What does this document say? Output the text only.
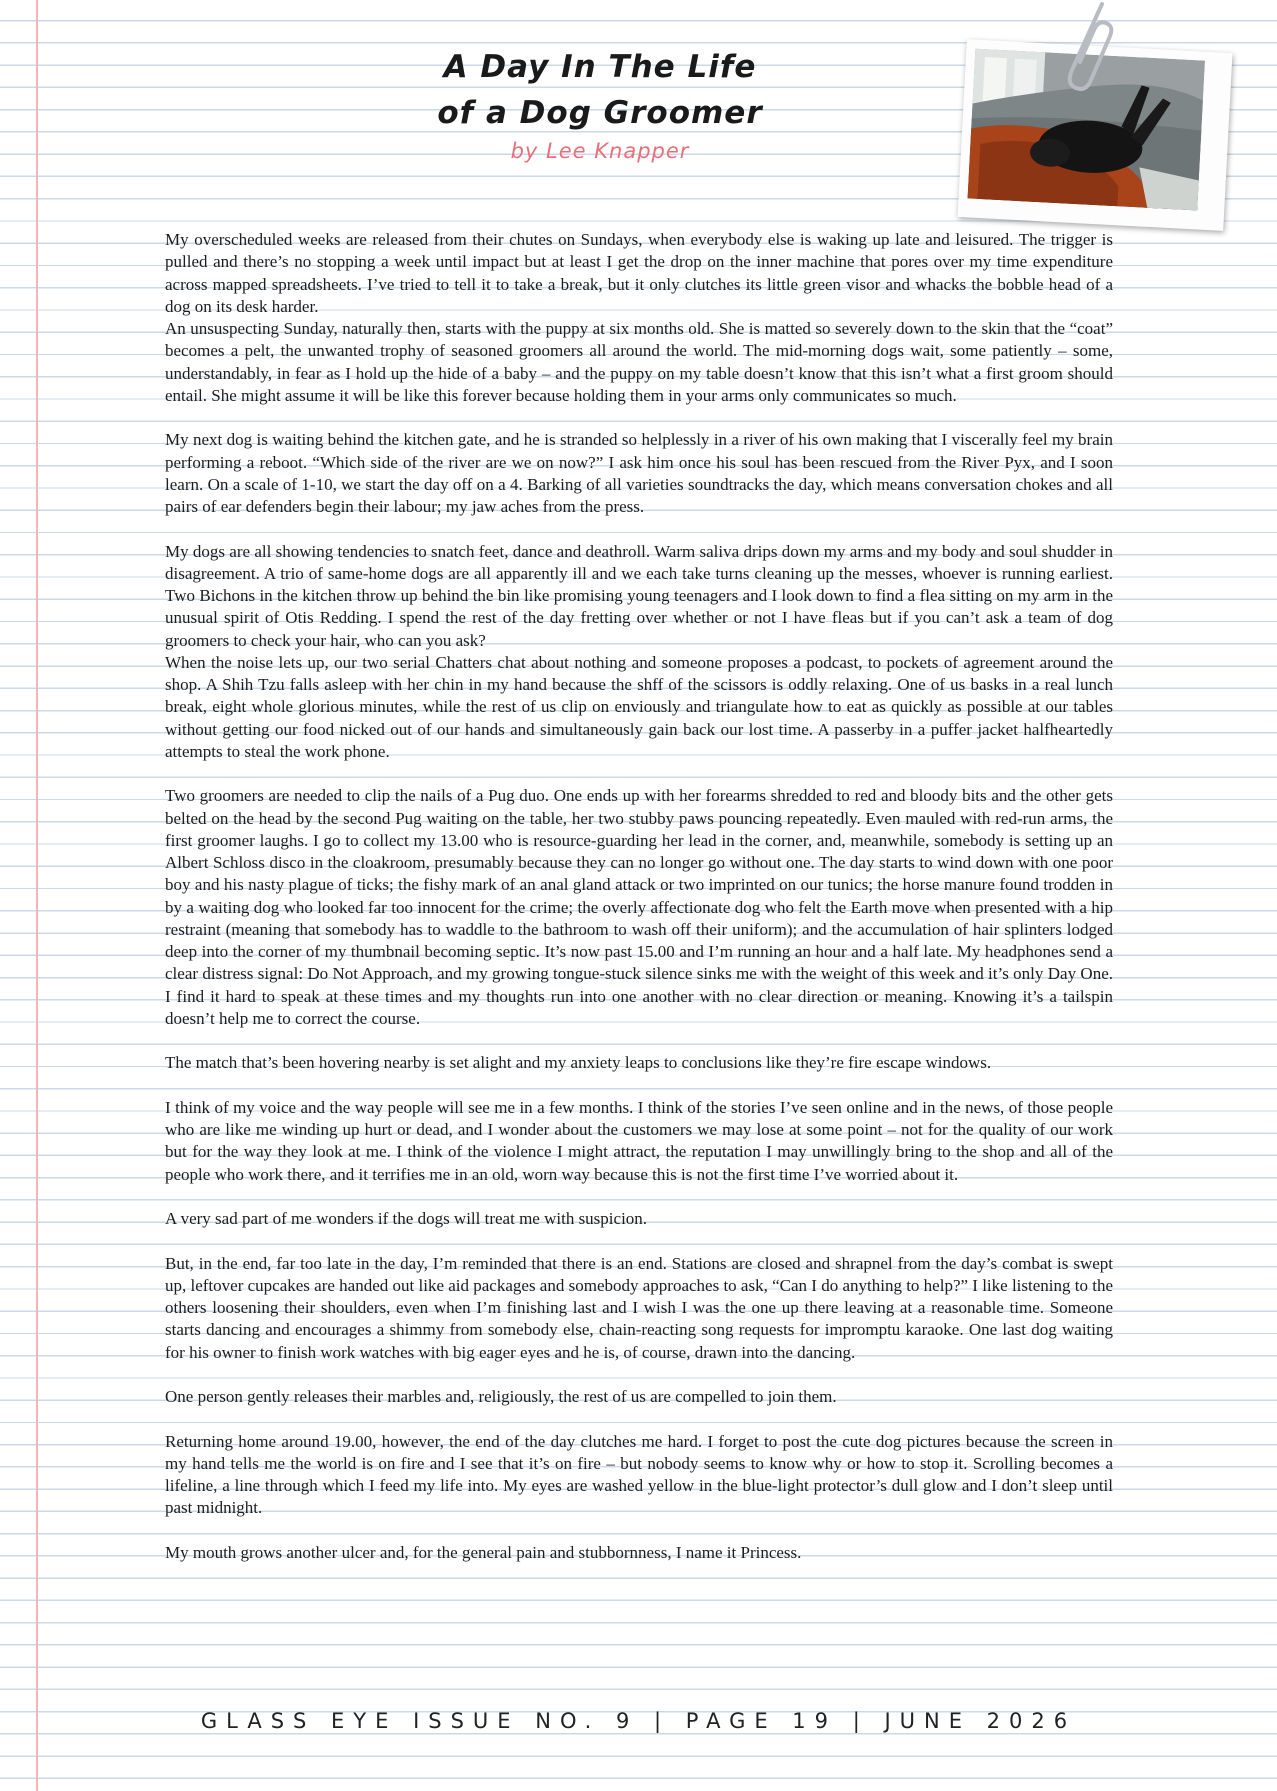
A Day In The Life
of a Dog Groomer
by Lee Knapper

My overscheduled weeks are released from their chutes on Sundays, when everybody else is waking up late and leisured. The trigger is pulled and there’s no stopping a week until impact but at least I get the drop on the inner machine that pores over my time expenditure across mapped spreadsheets. I’ve tried to tell it to take a break, but it only clutches its little green visor and whacks the bobble head of a dog on its desk harder.

An unsuspecting Sunday, naturally then, starts with the puppy at six months old. She is matted so severely down to the skin that the “coat” becomes a pelt, the unwanted trophy of seasoned groomers all around the world. The mid-morning dogs wait, some patiently – some, understandably, in fear as I hold up the hide of a baby – and the puppy on my table doesn’t know that this isn’t what a first groom should entail. She might assume it will be like this forever because holding them in your arms only communicates so much.

My next dog is waiting behind the kitchen gate, and he is stranded so helplessly in a river of his own making that I viscerally feel my brain performing a reboot. “Which side of the river are we on now?” I ask him once his soul has been rescued from the River Pyx, and I soon learn. On a scale of 1-10, we start the day off on a 4. Barking of all varieties soundtracks the day, which means conversation chokes and all pairs of ear defenders begin their labour; my jaw aches from the press.

My dogs are all showing tendencies to snatch feet, dance and deathroll. Warm saliva drips down my arms and my body and soul shudder in disagreement. A trio of same-home dogs are all apparently ill and we each take turns cleaning up the messes, whoever is running earliest. Two Bichons in the kitchen throw up behind the bin like promising young teenagers and I look down to find a flea sitting on my arm in the unusual spirit of Otis Redding. I spend the rest of the day fretting over whether or not I have fleas but if you can’t ask a team of dog groomers to check your hair, who can you ask?

When the noise lets up, our two serial Chatters chat about nothing and someone proposes a podcast, to pockets of agreement around the shop. A Shih Tzu falls asleep with her chin in my hand because the shff of the scissors is oddly relaxing. One of us basks in a real lunch break, eight whole glorious minutes, while the rest of us clip on enviously and triangulate how to eat as quickly as possible at our tables without getting our food nicked out of our hands and simultaneously gain back our lost time. A passerby in a puffer jacket halfheartedly attempts to steal the work phone.

Two groomers are needed to clip the nails of a Pug duo. One ends up with her forearms shredded to red and bloody bits and the other gets belted on the head by the second Pug waiting on the table, her two stubby paws pouncing repeatedly. Even mauled with red-run arms, the first groomer laughs. I go to collect my 13.00 who is resource-guarding her lead in the corner, and, meanwhile, somebody is setting up an Albert Schloss disco in the cloakroom, presumably because they can no longer go without one. The day starts to wind down with one poor boy and his nasty plague of ticks; the fishy mark of an anal gland attack or two imprinted on our tunics; the horse manure found trodden in by a waiting dog who looked far too innocent for the crime; the overly affectionate dog who felt the Earth move when presented with a hip restraint (meaning that somebody has to waddle to the bathroom to wash off their uniform); and the accumulation of hair splinters lodged deep into the corner of my thumbnail becoming septic. It’s now past 15.00 and I’m running an hour and a half late. My headphones send a clear distress signal: Do Not Approach, and my growing tongue-stuck silence sinks me with the weight of this week and it’s only Day One. I find it hard to speak at these times and my thoughts run into one another with no clear direction or meaning. Knowing it’s a tailspin doesn’t help me to correct the course.

The match that’s been hovering nearby is set alight and my anxiety leaps to conclusions like they’re fire escape windows.

I think of my voice and the way people will see me in a few months. I think of the stories I’ve seen online and in the news, of those people who are like me winding up hurt or dead, and I wonder about the customers we may lose at some point – not for the quality of our work but for the way they look at me. I think of the violence I might attract, the reputation I may unwillingly bring to the shop and all of the people who work there, and it terrifies me in an old, worn way because this is not the first time I’ve worried about it.

A very sad part of me wonders if the dogs will treat me with suspicion.

But, in the end, far too late in the day, I’m reminded that there is an end. Stations are closed and shrapnel from the day’s combat is swept up, leftover cupcakes are handed out like aid packages and somebody approaches to ask, “Can I do anything to help?” I like listening to the others loosening their shoulders, even when I’m finishing last and I wish I was the one up there leaving at a reasonable time. Someone starts dancing and encourages a shimmy from somebody else, chain-reacting song requests for impromptu karaoke. One last dog waiting for his owner to finish work watches with big eager eyes and he is, of course, drawn into the dancing.

One person gently releases their marbles and, religiously, the rest of us are compelled to join them.

Returning home around 19.00, however, the end of the day clutches me hard. I forget to post the cute dog pictures because the screen in my hand tells me the world is on fire and I see that it’s on fire – but nobody seems to know why or how to stop it. Scrolling becomes a lifeline, a line through which I feed my life into. My eyes are washed yellow in the blue-light protector’s dull glow and I don’t sleep until past midnight.

My mouth grows another ulcer and, for the general pain and stubbornness, I name it Princess.

GLASS EYE ISSUE NO. 9 | PAGE 19 | JUNE 2026
